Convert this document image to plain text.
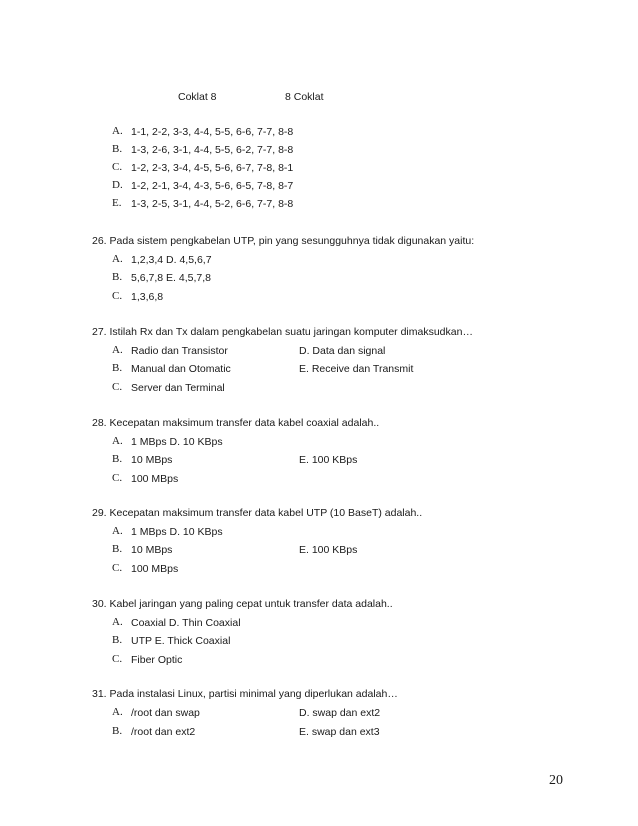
Coklat 8	8 Coklat
A. 1-1, 2-2, 3-3, 4-4, 5-5, 6-6, 7-7, 8-8
B. 1-3, 2-6, 3-1, 4-4, 5-5, 6-2, 7-7, 8-8
C. 1-2, 2-3, 3-4, 4-5, 5-6, 6-7, 7-8, 8-1
D. 1-2, 2-1, 3-4, 4-3, 5-6, 6-5, 7-8, 8-7
E. 1-3, 2-5, 3-1, 4-4, 5-2, 6-6, 7-7, 8-8
26. Pada sistem pengkabelan UTP, pin yang sesungguhnya tidak digunakan yaitu:
A. 1,2,3,4 D. 4,5,6,7
B. 5,6,7,8 E. 4,5,7,8
C. 1,3,6,8
27. Istilah Rx dan Tx dalam pengkabelan suatu jaringan komputer dimaksudkan…
A. Radio dan Transistor	D. Data dan signal
B. Manual dan Otomatic	E. Receive dan Transmit
C. Server dan Terminal
28. Kecepatan maksimum transfer data kabel coaxial adalah..
A. 1 MBps D. 10 KBps
B. 10 MBps	E. 100 KBps
C. 100 MBps
29. Kecepatan maksimum transfer data kabel UTP (10 BaseT) adalah..
A. 1 MBps D. 10 KBps
B. 10 MBps	E. 100 KBps
C. 100 MBps
30. Kabel jaringan yang paling cepat untuk transfer data adalah..
A. Coaxial D. Thin Coaxial
B. UTP E. Thick Coaxial
C. Fiber Optic
31. Pada instalasi Linux, partisi minimal yang diperlukan adalah…
A. /root dan swap	D. swap dan ext2
B. /root dan ext2	E. swap dan ext3
20
